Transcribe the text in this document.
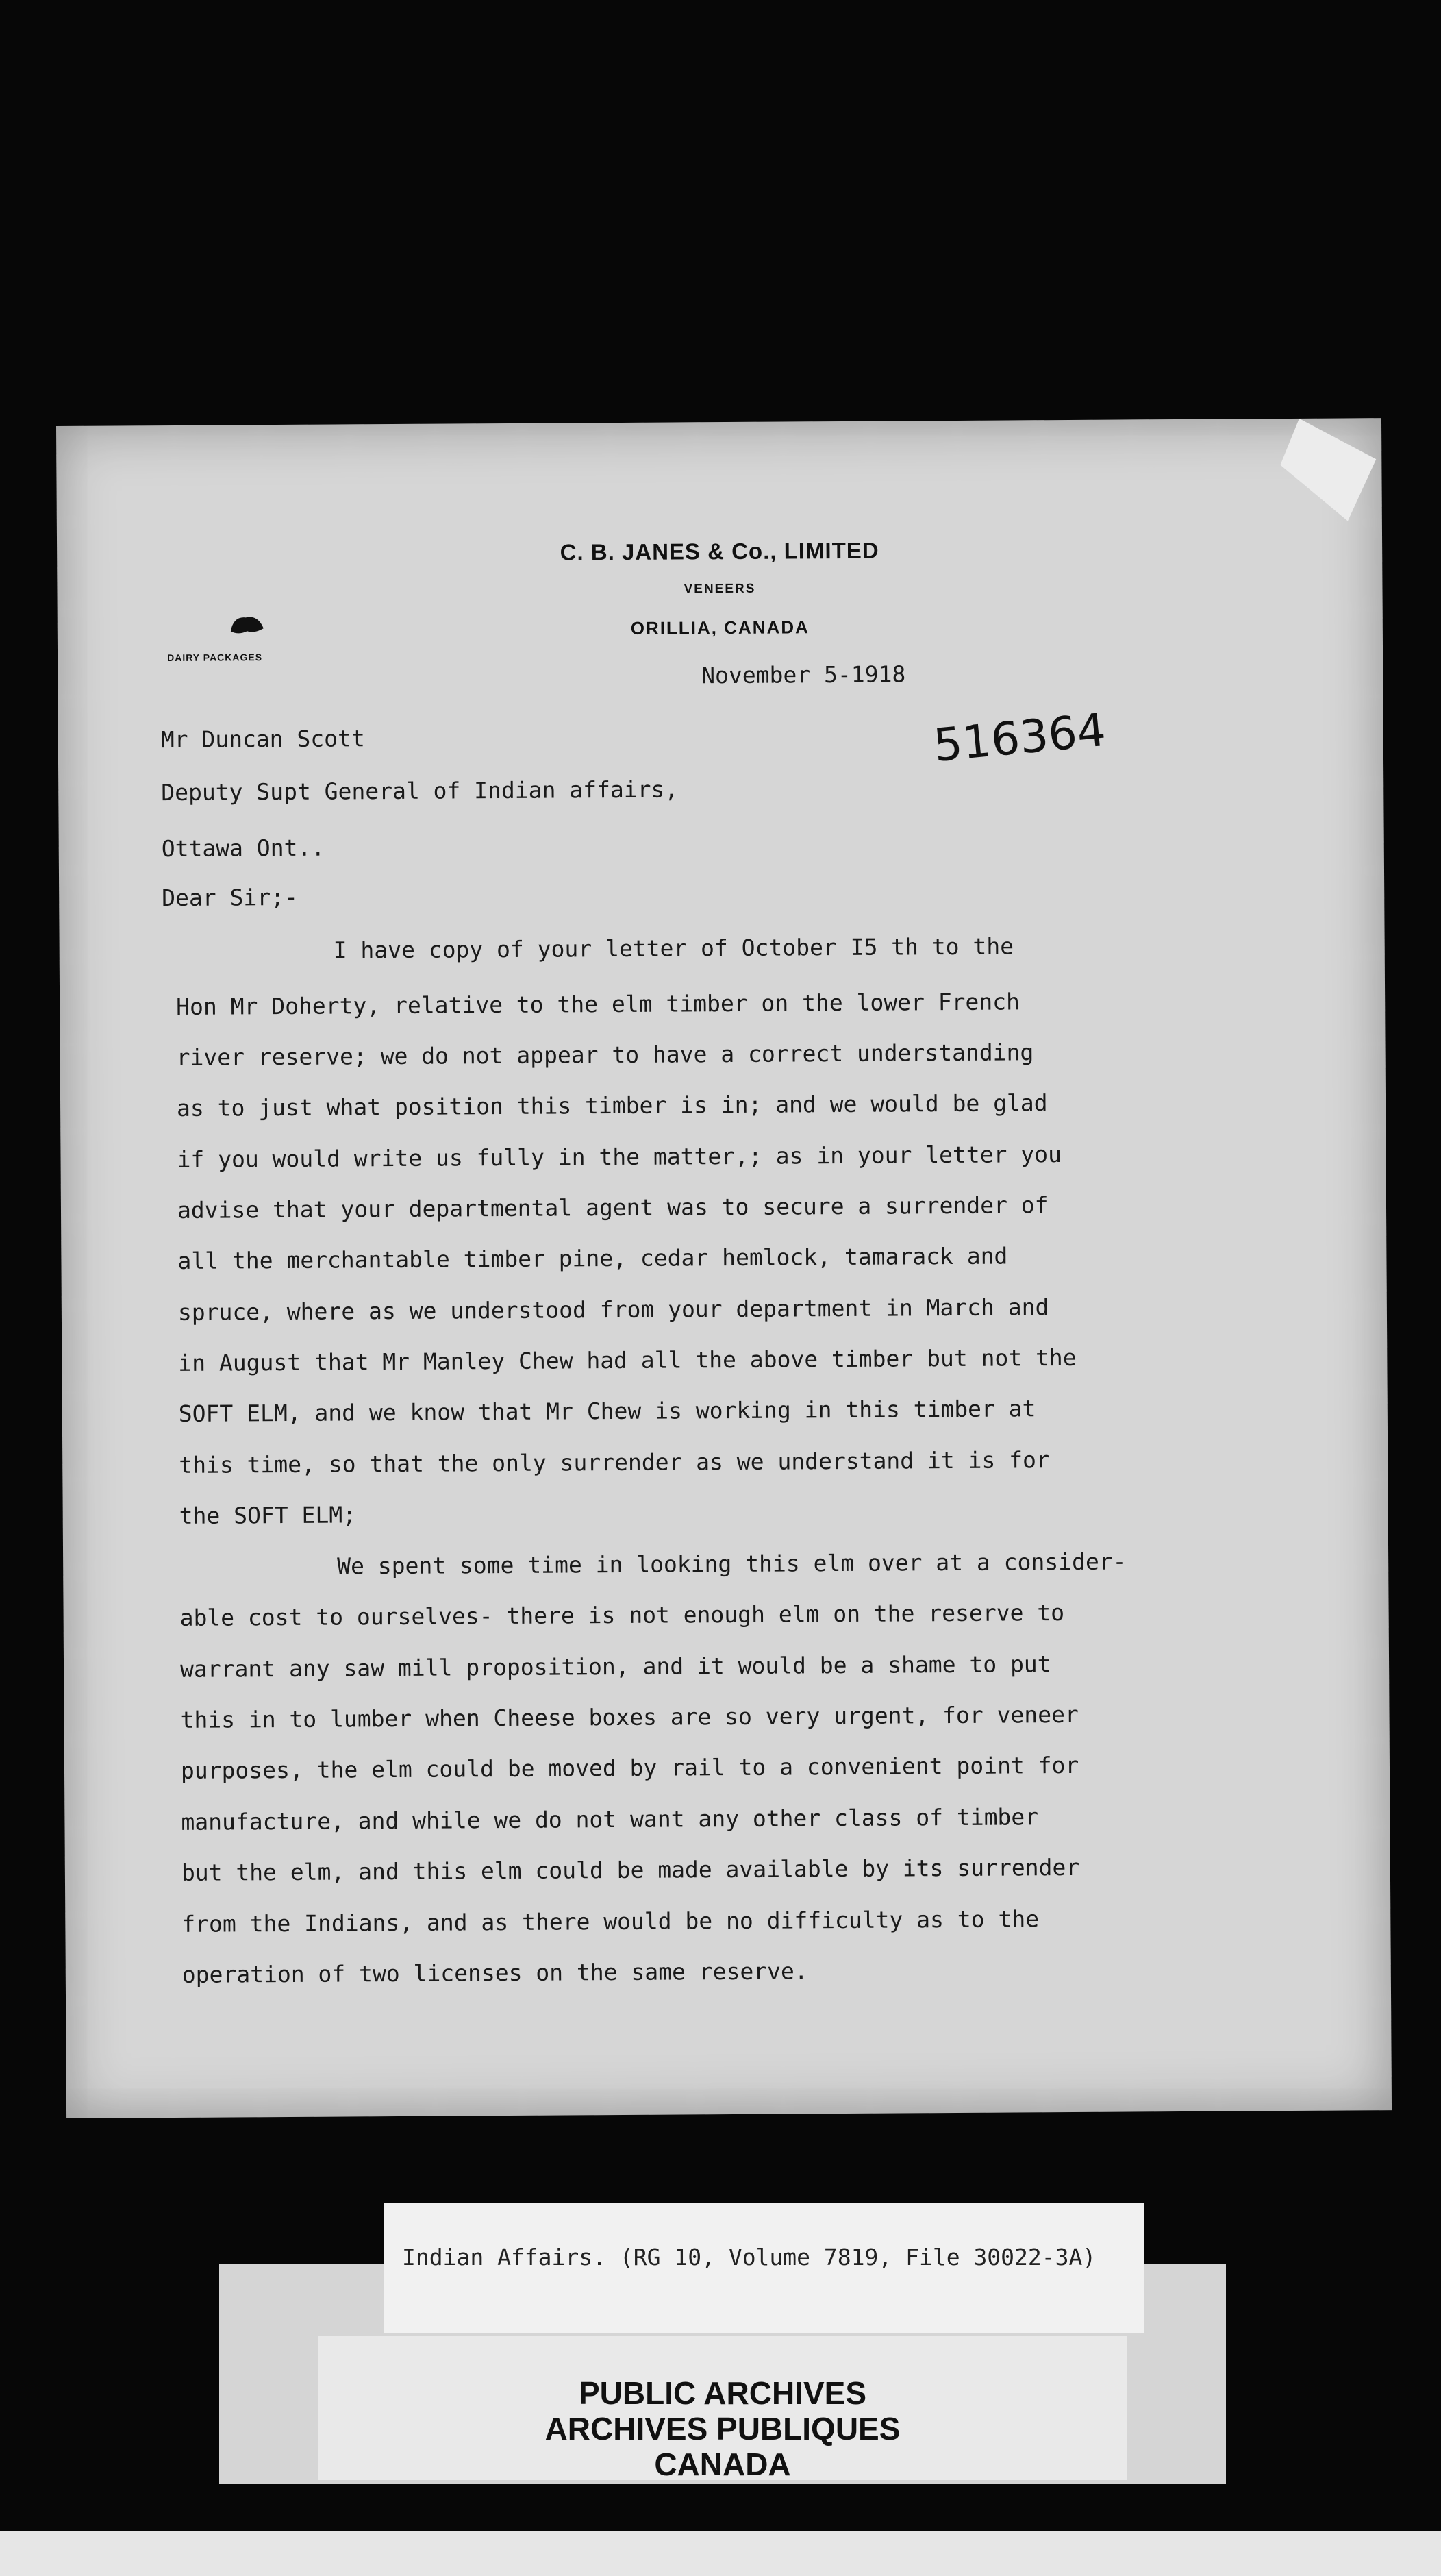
C. B. JANES & Co., LIMITED
VENEERS
ORILLIA, CANADA
DAIRY PACKAGES
November 5-1918
516364
Mr Duncan Scott
Deputy Supt General of Indian affairs,
Ottawa Ont..
Dear Sir;-
I have copy of your letter of October I5 th to the
Hon Mr Doherty, relative to the elm timber on the lower French
river reserve; we do not appear to have a correct understanding
as to just what position this timber is in; and we would be glad
if you would write us fully in the matter,; as in your letter you
advise that your departmental agent was to secure a surrender of
all the merchantable timber pine, cedar hemlock, tamarack and
spruce, where as we understood from your department in March and
in August that Mr Manley Chew had all the above timber but not the
SOFT ELM, and we know that Mr Chew is working in this timber at
this time, so that the only surrender as we understand it is for
the SOFT ELM;
We spent some time in looking this elm over at a consider-
able cost to ourselves- there is not enough elm on the reserve to
warrant any saw mill proposition, and it would be a shame to put
this in to lumber when Cheese boxes are so very urgent, for veneer
purposes, the elm could be moved by rail to a convenient point for
manufacture, and while we do not want any other class of timber
but the elm, and this elm could be made available by its surrender
from the Indians, and as there would be no difficulty as to the
operation of two licenses on the same reserve.
PUBLIC ARCHIVES
ARCHIVES PUBLIQUES
CANADA
Indian Affairs. (RG 10, Volume 7819, File 30022-3A)
